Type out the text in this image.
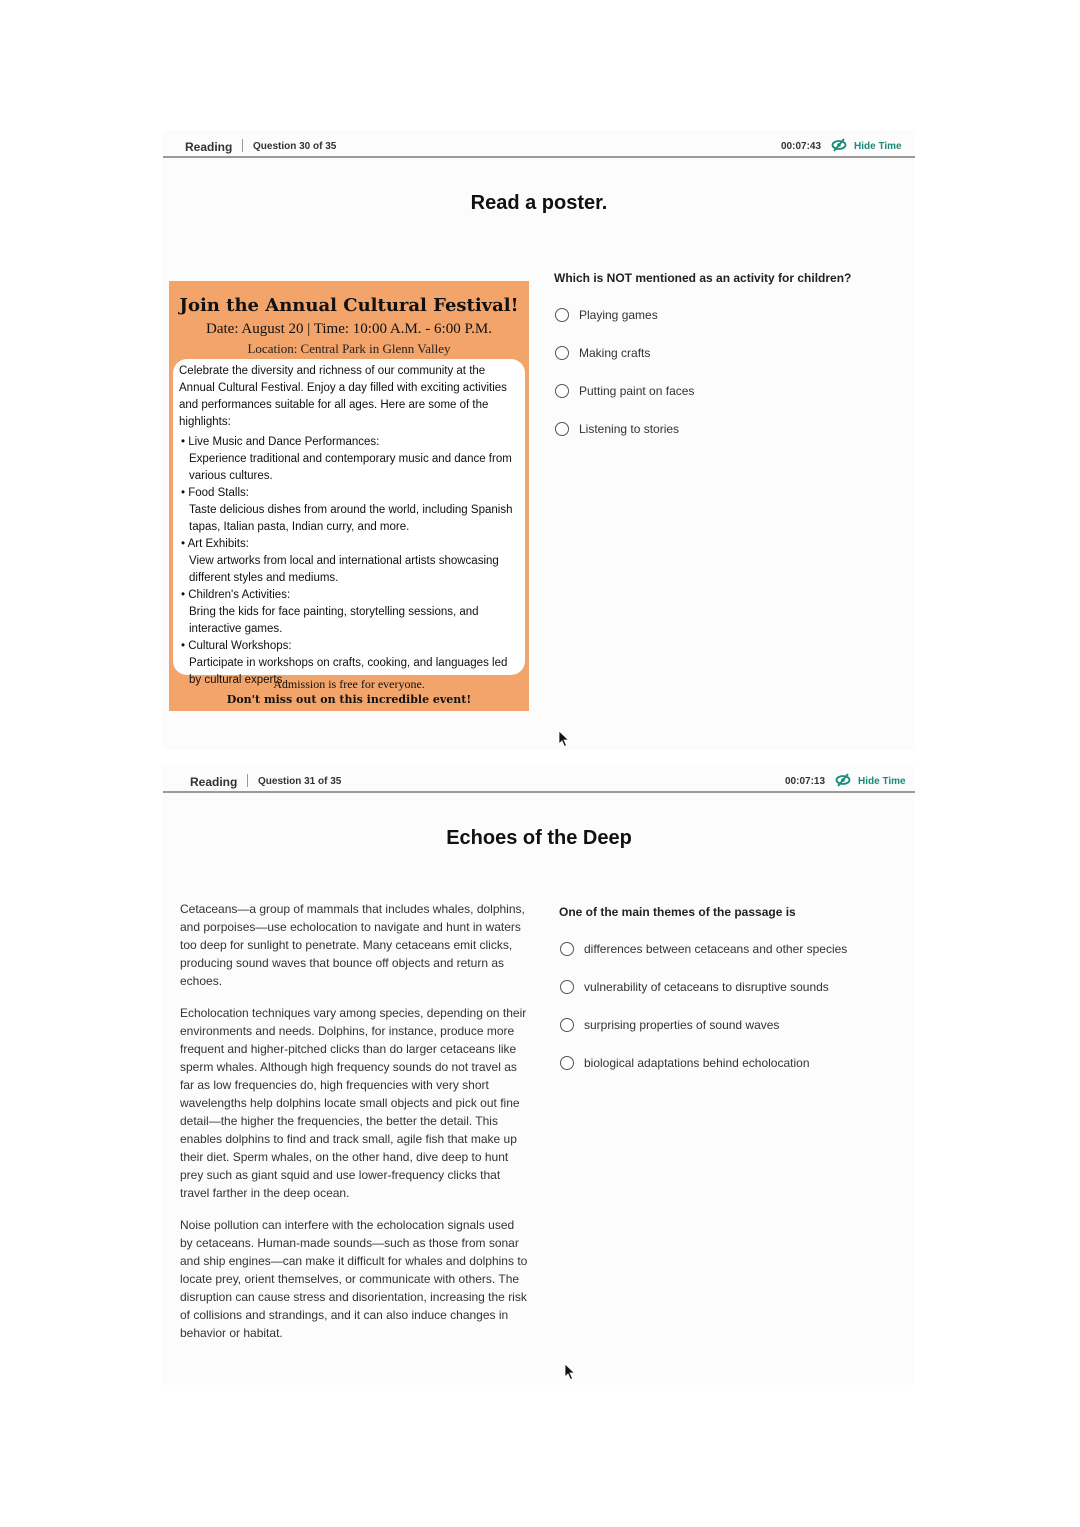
Reading Question 30 of 35	00:07:43	Hide Time
Read a poster.
Join the Annual Cultural Festival!
Date: August 20 | Time: 10:00 A.M. - 6:00 P.M.
Location: Central Park in Glenn Valley

Celebrate the diversity and richness of our community at the Annual Cultural Festival. Enjoy a day filled with exciting activities and performances suitable for all ages. Here are some of the highlights:

• Live Music and Dance Performances:
Experience traditional and contemporary music and dance from various cultures.

• Food Stalls:
Taste delicious dishes from around the world, including Spanish tapas, Italian pasta, Indian curry, and more.

• Art Exhibits:
View artworks from local and international artists showcasing different styles and mediums.

• Children's Activities:
Bring the kids for face painting, storytelling sessions, and interactive games.

• Cultural Workshops:
Participate in workshops on crafts, cooking, and languages led by cultural experts.

Admission is free for everyone.
Don't miss out on this incredible event!
Which is NOT mentioned as an activity for children?
Playing games
Making crafts
Putting paint on faces
Listening to stories
Reading Question 31 of 35	00:07:13	Hide Time
Echoes of the Deep

Cetaceans—a group of mammals that includes whales, dolphins, and porpoises—use echolocation to navigate and hunt in waters too deep for sunlight to penetrate. Many cetaceans emit clicks, producing sound waves that bounce off objects and return as echoes.

Echolocation techniques vary among species, depending on their environments and needs. Dolphins, for instance, produce more frequent and higher-pitched clicks than do larger cetaceans like sperm whales. Although high frequency sounds do not travel as far as low frequencies do, high frequencies with very short wavelengths help dolphins locate small objects and pick out fine detail—the higher the frequencies, the better the detail. This enables dolphins to find and track small, agile fish that make up their diet. Sperm whales, on the other hand, dive deep to hunt prey such as giant squid and use lower-frequency clicks that travel farther in the deep ocean.

Noise pollution can interfere with the echolocation signals used by cetaceans. Human-made sounds—such as those from sonar and ship engines—can make it difficult for whales and dolphins to locate prey, orient themselves, or communicate with others. The disruption can cause stress and disorientation, increasing the risk of collisions and strandings, and it can also induce changes in behavior or habitat.

One of the main themes of the passage is
differences between cetaceans and other species
vulnerability of cetaceans to disruptive sounds
surprising properties of sound waves
biological adaptations behind echolocation
